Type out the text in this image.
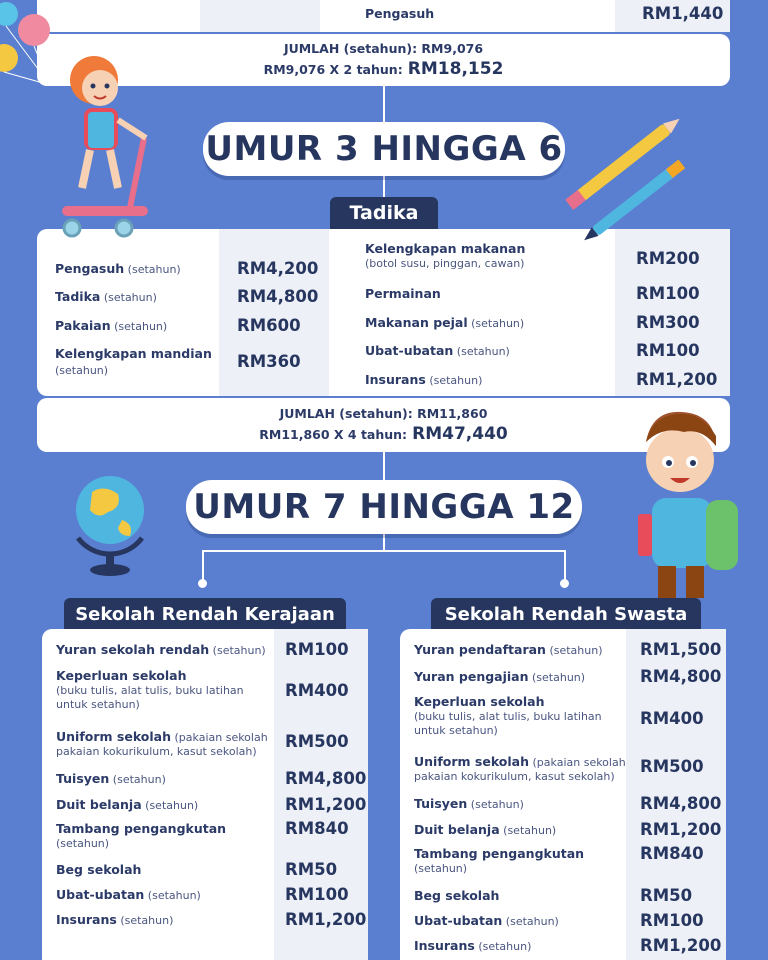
Pengasuh	RM1,440
JUMLAH (setahun): RM9,076
RM9,076 X 2 tahun: RM18,152
UMUR 3 HINGGA 6
Tadika
Pengasuh (setahun)	RM4,200
Tadika (setahun)	RM4,800
Pakaian (setahun)	RM600
Kelengkapan mandian (setahun)	RM360
Kelengkapan makanan
(botol susu, pinggan, cawan)	RM200
Permainan	RM100
Makanan pejal (setahun)	RM300
Ubat-ubatan (setahun)	RM100
Insurans (setahun)	RM1,200
JUMLAH (setahun): RM11,860
RM11,860 X 4 tahun: RM47,440
UMUR 7 HINGGA 12
Sekolah Rendah Kerajaan	Sekolah Rendah Swasta
Yuran sekolah rendah (setahun) RM100
Keperluan sekolah
(buku tulis, alat tulis, buku latihan untuk setahun)
RM400
Uniform sekolah (pakaian sekolah
pakaian kokurikulum, kasut sekolah)
RM500
Tuisyen (setahun)	RM4,800
Duit belanja (setahun)	RM1,200
Tambang pengangkutan
(setahun)
RM840
Beg sekolah	RM50
Ubat-ubatan (setahun)	RM100
Insurans (setahun)	RM1,200
Yuran pendaftaran (setahun)	RM1,500
Yuran pengajian (setahun)	RM4,800
Keperluan sekolah
(buku tulis, alat tulis, buku latihan untuk setahun)
RM400
Uniform sekolah (pakaian sekolah
pakaian kokurikulum, kasut sekolah)
RM500
Tuisyen (setahun)	RM4,800
Duit belanja (setahun)	RM1,200
Tambang pengangkutan
(setahun)
RM840
Beg sekolah	RM50
Ubat-ubatan (setahun)	RM100
Insurans (setahun)	RM1,200
